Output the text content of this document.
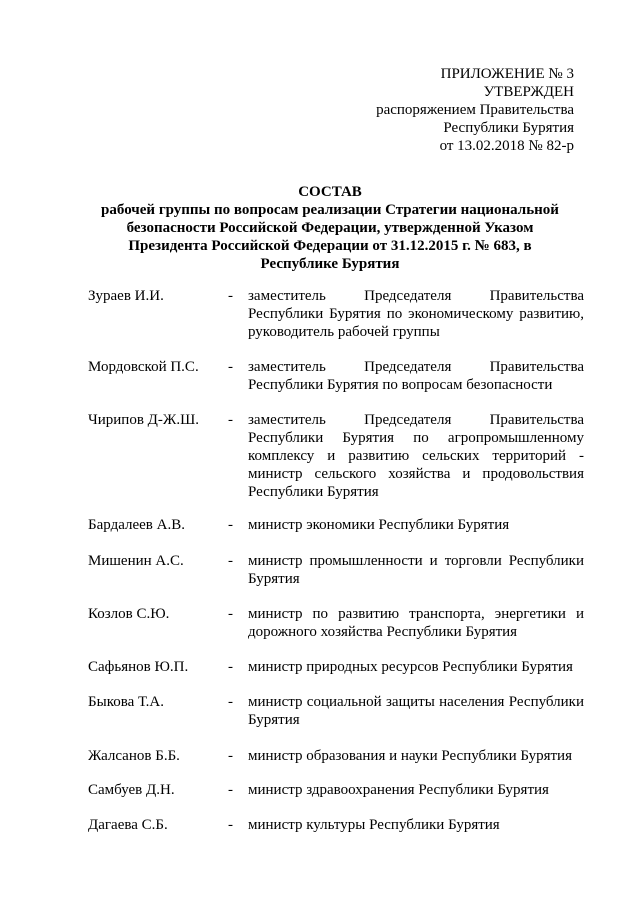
ПРИЛОЖЕНИЕ № 3
УТВЕРЖДЕН
распоряжением Правительства
Республики Бурятия
от 13.02.2018 № 82-р
СОСТАВ
рабочей группы по вопросам реализации Стратегии национальной
безопасности Российской Федерации, утвержденной Указом
Президента Российской Федерации от 31.12.2015 г. № 683, в
Республике Бурятия
Зураев И.И.	- заместитель Председателя Правительства
Республики Бурятия по экономическому развитию,
руководитель рабочей группы
Мордовской П.С. - заместитель Председателя Правительства
Республики Бурятия по вопросам безопасности
Чирипов Д-Ж.Ш. - заместитель Председателя Правительства
Республики Бурятия по агропромышленному
комплексу и развитию сельских территорий -
министр сельского хозяйства и продовольствия
Республики Бурятия
Бардалеев А.В.	- министр экономики Республики Бурятия
Мишенин А.С.	- министр промышленности и торговли Республики
Бурятия
Козлов С.Ю.	- министр по развитию транспорта, энергетики и
дорожного хозяйства Республики Бурятия
Сафьянов Ю.П.	- министр природных ресурсов Республики Бурятия
Быкова Т.А.	- министр социальной защиты населения Республики
Бурятия
Жалсанов Б.Б.	- министр образования и науки Республики Бурятия
Самбуев Д.Н.	- министр здравоохранения Республики Бурятия
Дагаева С.Б.	- министр культуры Республики Бурятия
